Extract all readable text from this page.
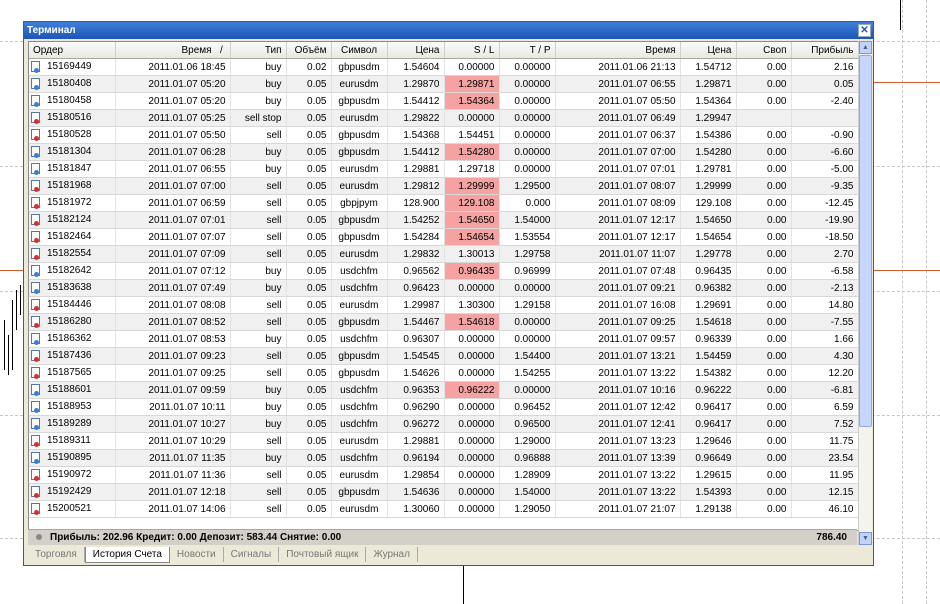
Терминал	✕
Ордер	Время /	Тип	Объём	Символ	Цена	S / L	T / P	Время	Цена	Своп	Прибыль
15169449	2011.01.06 18:45	buy	0.02	gbpusdm	1.54604	0.00000	0.00000	2011.01.06 21:13	1.54712	0.00	2.16
15180408	2011.01.07 05:20	buy	0.05	eurusdm	1.29870	1.29871	0.00000	2011.01.07 06:55	1.29871	0.00	0.05
15180458	2011.01.07 05:20	buy	0.05	gbpusdm	1.54412	1.54364	0.00000	2011.01.07 05:50	1.54364	0.00	-2.40
15180516	2011.01.07 05:25	sell stop	0.05	eurusdm	1.29822	0.00000	0.00000	2011.01.07 06:49	1.29947		
15180528	2011.01.07 05:50	sell	0.05	gbpusdm	1.54368	1.54451	0.00000	2011.01.07 06:37	1.54386	0.00	-0.90
15181304	2011.01.07 06:28	buy	0.05	gbpusdm	1.54412	1.54280	0.00000	2011.01.07 07:00	1.54280	0.00	-6.60
15181847	2011.01.07 06:55	buy	0.05	eurusdm	1.29881	1.29718	0.00000	2011.01.07 07:01	1.29781	0.00	-5.00
15181968	2011.01.07 07:00	sell	0.05	eurusdm	1.29812	1.29999	1.29500	2011.01.07 08:07	1.29999	0.00	-9.35
15181972	2011.01.07 06:59	sell	0.05	gbpjpym	128.900	129.108	0.000	2011.01.07 08:09	129.108	0.00	-12.45
15182124	2011.01.07 07:01	sell	0.05	gbpusdm	1.54252	1.54650	1.54000	2011.01.07 12:17	1.54650	0.00	-19.90
15182464	2011.01.07 07:07	sell	0.05	gbpusdm	1.54284	1.54654	1.53554	2011.01.07 12:17	1.54654	0.00	-18.50
15182554	2011.01.07 07:09	sell	0.05	eurusdm	1.29832	1.30013	1.29758	2011.01.07 11:07	1.29778	0.00	2.70
15182642	2011.01.07 07:12	buy	0.05	usdchfm	0.96562	0.96435	0.96999	2011.01.07 07:48	0.96435	0.00	-6.58
15183638	2011.01.07 07:49	buy	0.05	usdchfm	0.96423	0.00000	0.00000	2011.01.07 09:21	0.96382	0.00	-2.13
15184446	2011.01.07 08:08	sell	0.05	eurusdm	1.29987	1.30300	1.29158	2011.01.07 16:08	1.29691	0.00	14.80
15186280	2011.01.07 08:52	sell	0.05	gbpusdm	1.54467	1.54618	0.00000	2011.01.07 09:25	1.54618	0.00	-7.55
15186362	2011.01.07 08:53	buy	0.05	usdchfm	0.96307	0.00000	0.00000	2011.01.07 09:57	0.96339	0.00	1.66
15187436	2011.01.07 09:23	sell	0.05	gbpusdm	1.54545	0.00000	1.54400	2011.01.07 13:21	1.54459	0.00	4.30
15187565	2011.01.07 09:25	sell	0.05	gbpusdm	1.54626	0.00000	1.54255	2011.01.07 13:22	1.54382	0.00	12.20
15188601	2011.01.07 09:59	buy	0.05	usdchfm	0.96353	0.96222	0.00000	2011.01.07 10:16	0.96222	0.00	-6.81
15188953	2011.01.07 10:11	buy	0.05	usdchfm	0.96290	0.00000	0.96452	2011.01.07 12:42	0.96417	0.00	6.59
15189289	2011.01.07 10:27	buy	0.05	usdchfm	0.96272	0.00000	0.96500	2011.01.07 12:41	0.96417	0.00	7.52
15189311	2011.01.07 10:29	sell	0.05	eurusdm	1.29881	0.00000	1.29000	2011.01.07 13:23	1.29646	0.00	11.75
15190895	2011.01.07 11:35	buy	0.05	usdchfm	0.96194	0.00000	0.96888	2011.01.07 13:39	0.96649	0.00	23.54
15190972	2011.01.07 11:36	sell	0.05	eurusdm	1.29854	0.00000	1.28909	2011.01.07 13:22	1.29615	0.00	11.95
15192429	2011.01.07 12:18	sell	0.05	gbpusdm	1.54636	0.00000	1.54000	2011.01.07 13:22	1.54393	0.00	12.15
15200521	2011.01.07 14:06	sell	0.05	eurusdm	1.30060	0.00000	1.29050	2011.01.07 21:07	1.29138	0.00	46.10
Прибыль: 202.96 Кредит: 0.00 Депозит: 583.44 Снятие: 0.00	786.40
▲
▼
Торговля История Счета Новости Сигналы Почтовый ящик Журнал
